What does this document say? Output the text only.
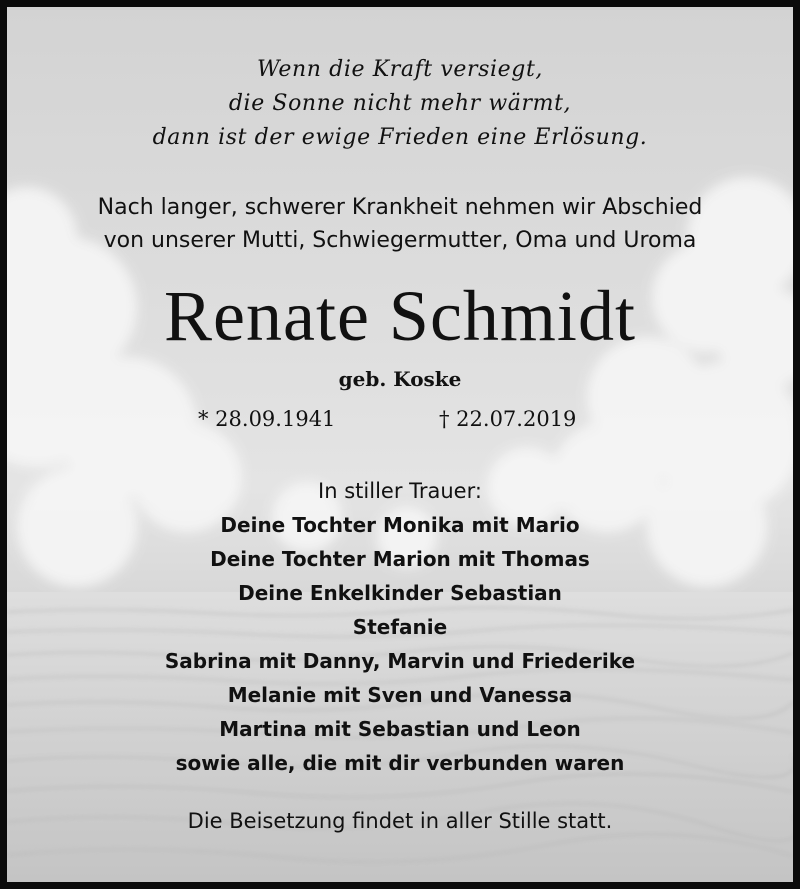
Wenn die Kraft versiegt,

die Sonne nicht mehr wärmt,

dann ist der ewige Frieden eine Erlösung.

Nach langer, schwerer Krankheit nehmen wir Abschied

von unserer Mutti, Schwiegermutter, Oma und Uroma

Renate Schmidt

geb. Koske

* 28.09.1941	† 22.07.2019

In stiller Trauer:

Deine Tochter Monika mit Mario

Deine Tochter Marion mit Thomas

Deine Enkelkinder Sebastian

Stefanie

Sabrina mit Danny, Marvin und Friederike

Melanie mit Sven und Vanessa

Martina mit Sebastian und Leon

sowie alle, die mit dir verbunden waren

Die Beisetzung findet in aller Stille statt.
